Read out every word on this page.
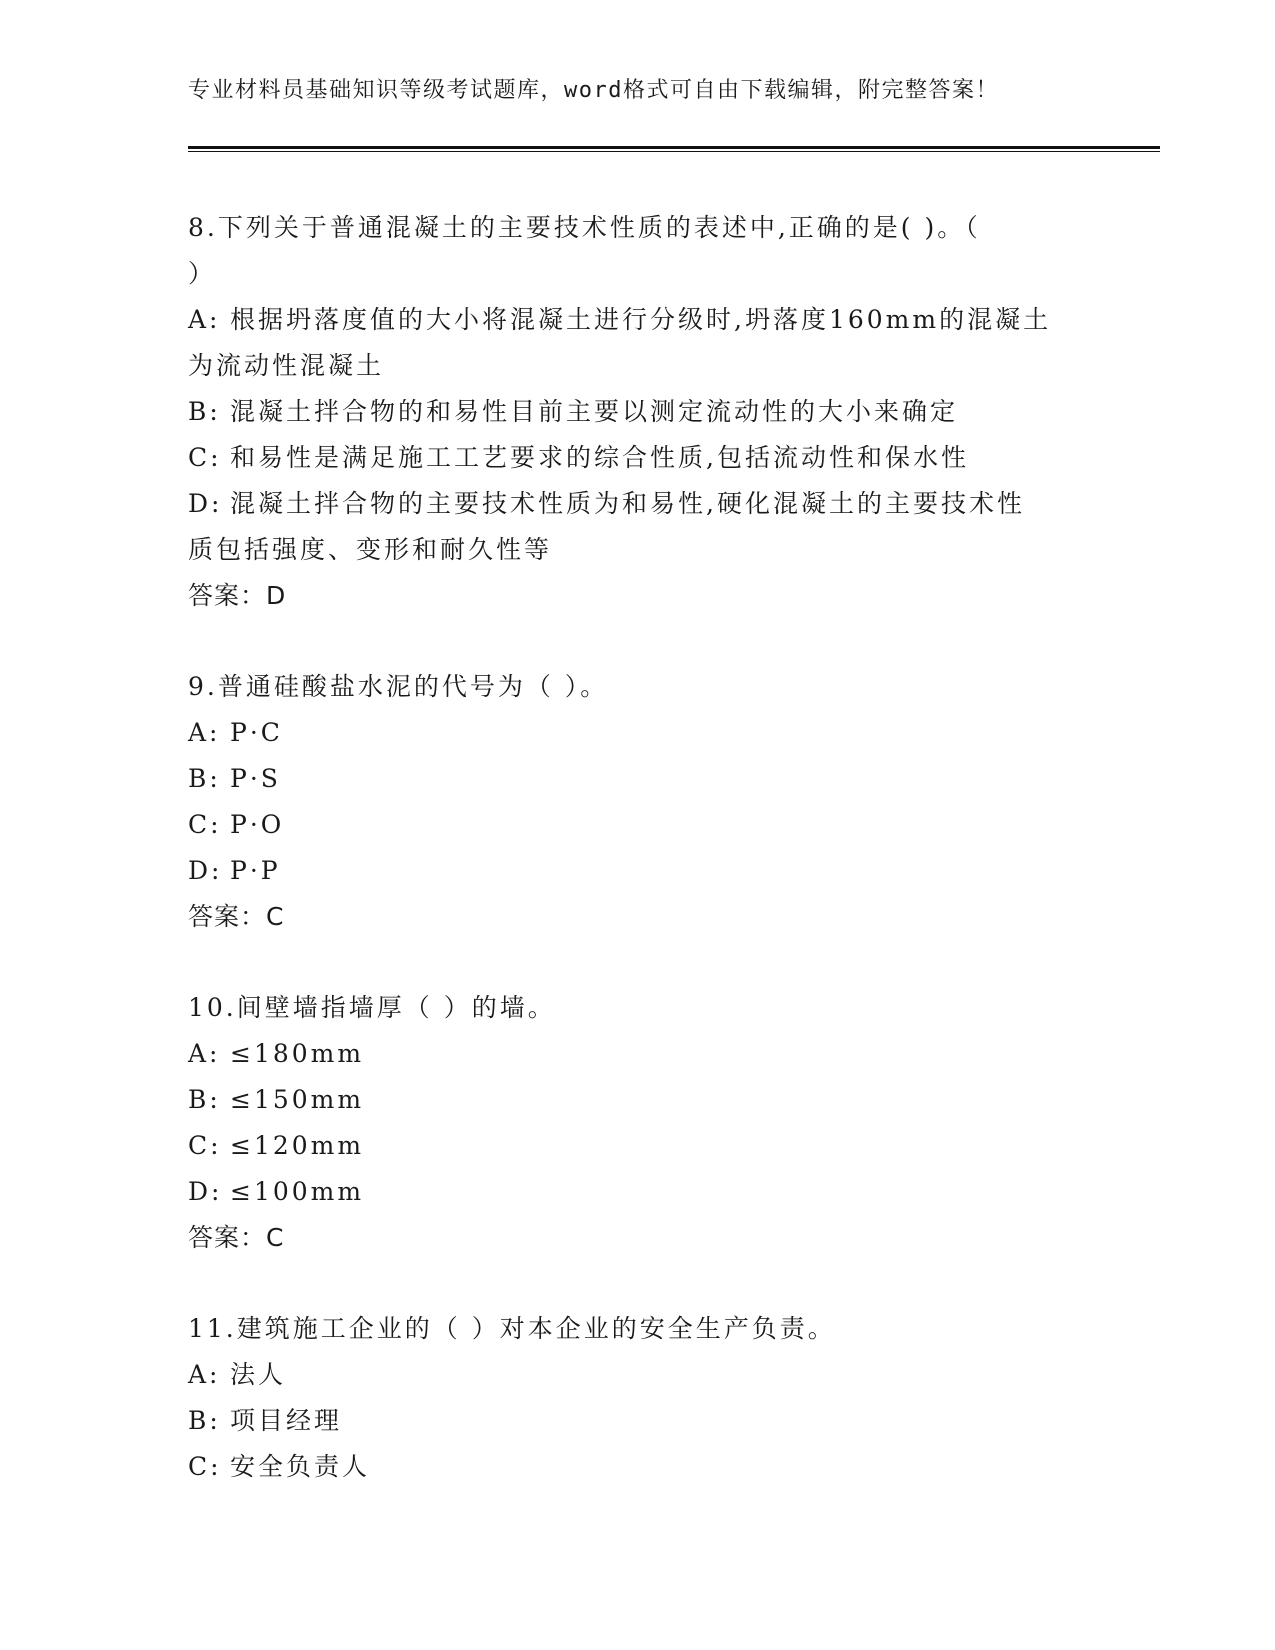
专业材料员基础知识等级考试题库，word格式可自由下载编辑，附完整答案！
8.下列关于普通混凝土的主要技术性质的表述中,正确的是( )。（
）
A: 根据坍落度值的大小将混凝土进行分级时,坍落度160mm的混凝土
为流动性混凝土
B: 混凝土拌合物的和易性目前主要以测定流动性的大小来确定
C: 和易性是满足施工工艺要求的综合性质,包括流动性和保水性
D: 混凝土拌合物的主要技术性质为和易性,硬化混凝土的主要技术性
质包括强度、变形和耐久性等
答案：D
9.普通硅酸盐水泥的代号为（ ）。
A: P·C
B: P·S
C: P·O
D: P·P
答案：C
10.间壁墙指墙厚（ ）的墙。
A: ≤180mm
B: ≤150mm
C: ≤120mm
D: ≤100mm
答案：C
11.建筑施工企业的（ ）对本企业的安全生产负责。
A: 法人
B: 项目经理
C: 安全负责人
